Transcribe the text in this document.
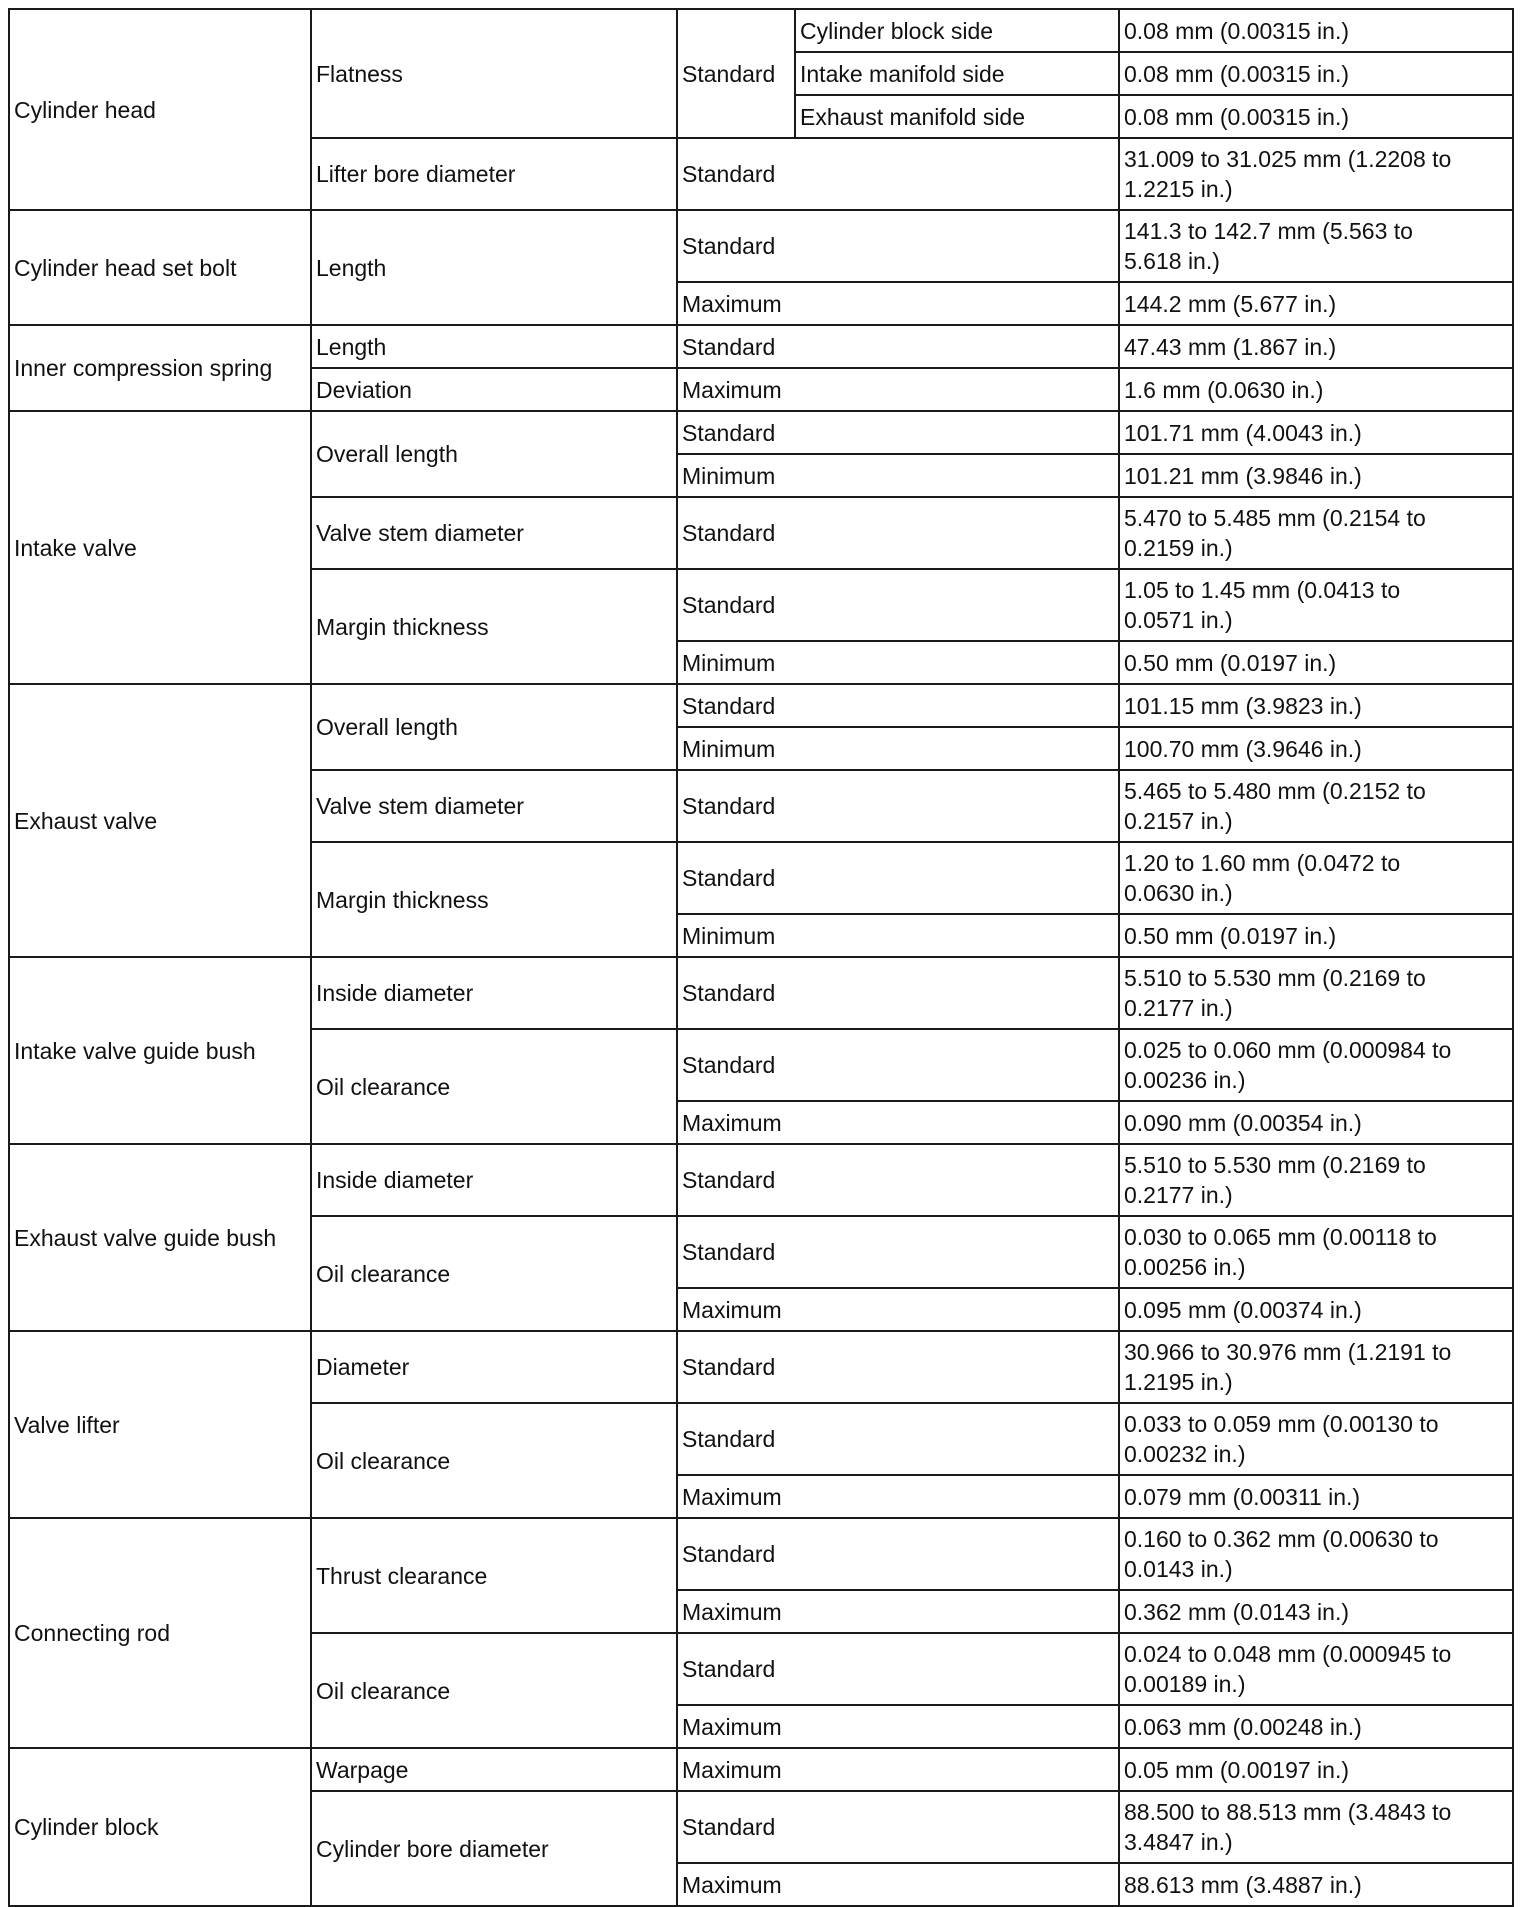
Cylinder head	Flatness	Standard	Cylinder block side	0.08 mm (0.00315 in.)
			Intake manifold side	0.08 mm (0.00315 in.)
			Exhaust manifold side	0.08 mm (0.00315 in.)
	Lifter bore diameter	Standard		31.009 to 31.025 mm (1.2208 to
1.2215 in.)
Cylinder head set bolt	Length	Standard		141.3 to 142.7 mm (5.563 to
5.618 in.)
		Maximum		144.2 mm (5.677 in.)
Inner compression spring	Length	Standard		47.43 mm (1.867 in.)
	Deviation	Maximum		1.6 mm (0.0630 in.)
Intake valve	Overall length	Standard		101.71 mm (4.0043 in.)
		Minimum		101.21 mm (3.9846 in.)
	Valve stem diameter	Standard		5.470 to 5.485 mm (0.2154 to
0.2159 in.)
	Margin thickness	Standard		1.05 to 1.45 mm (0.0413 to
0.0571 in.)
		Minimum		0.50 mm (0.0197 in.)
Exhaust valve	Overall length	Standard		101.15 mm (3.9823 in.)
		Minimum		100.70 mm (3.9646 in.)
	Valve stem diameter	Standard		5.465 to 5.480 mm (0.2152 to
0.2157 in.)
	Margin thickness	Standard		1.20 to 1.60 mm (0.0472 to
0.0630 in.)
		Minimum		0.50 mm (0.0197 in.)
Intake valve guide bush	Inside diameter	Standard		5.510 to 5.530 mm (0.2169 to
0.2177 in.)
	Oil clearance	Standard		0.025 to 0.060 mm (0.000984 to
0.00236 in.)
		Maximum		0.090 mm (0.00354 in.)
Exhaust valve guide bush	Inside diameter	Standard		5.510 to 5.530 mm (0.2169 to
0.2177 in.)
	Oil clearance	Standard		0.030 to 0.065 mm (0.00118 to
0.00256 in.)
		Maximum		0.095 mm (0.00374 in.)
Valve lifter	Diameter	Standard		30.966 to 30.976 mm (1.2191 to
1.2195 in.)
	Oil clearance	Standard		0.033 to 0.059 mm (0.00130 to
0.00232 in.)
		Maximum		0.079 mm (0.00311 in.)
Connecting rod	Thrust clearance	Standard		0.160 to 0.362 mm (0.00630 to
0.0143 in.)
		Maximum		0.362 mm (0.0143 in.)
	Oil clearance	Standard		0.024 to 0.048 mm (0.000945 to
0.00189 in.)
		Maximum		0.063 mm (0.00248 in.)
Cylinder block	Warpage	Maximum		0.05 mm (0.00197 in.)
	Cylinder bore diameter	Standard		88.500 to 88.513 mm (3.4843 to
3.4847 in.)
		Maximum		88.613 mm (3.4887 in.)
